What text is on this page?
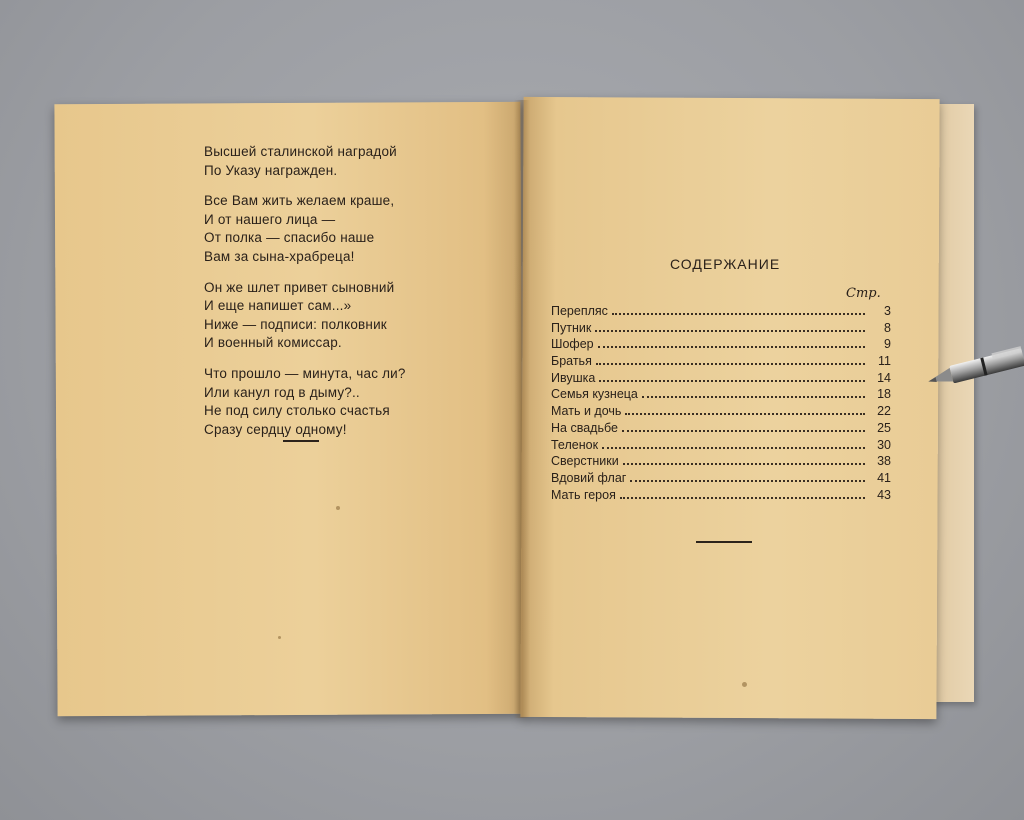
Высшей сталинской наградой
По Указу награжден.
Все Вам жить желаем краше,
И от нашего лица —
От полка — спасибо наше
Вам за сына-храбреца!
Он же шлет привет сыновний
И еще напишет сам...»
Ниже — подписи: полковник
И военный комиссар.
Что прошло — минута, час ли?
Или канул год в дыму?..
Не под силу столько счастья
Сразу сердцу одному!
СОДЕРЖАНИЕ
Стр.
Перепляс	3
Путник	8
Шофер	9
Братья	11
Ивушка	14
Семья кузнеца	18
Мать и дочь	22
На свадьбе	25
Теленок	30
Сверстники	38
Вдовий флаг	41
Мать героя	43
